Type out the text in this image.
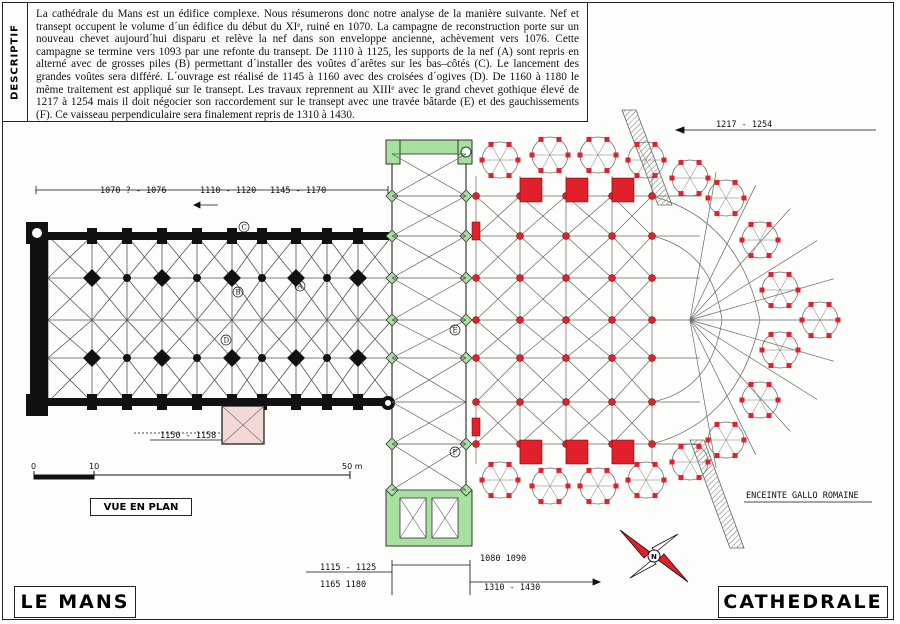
DESCRIPTIF
La cathédrale du Mans est un édifice complexe. Nous résumerons donc notre analyse de la manière suivante. Nef et transept occupent le volume d´un édifice du début du XIᵉ, ruiné en 1070. La campagne de reconstruction porte sur un nouveau chevet aujourd´hui disparu et relève la nef dans son enveloppe ancienne, achèvement vers 1076. Cette campagne se termine vers 1093 par une refonte du transept. De 1110 à 1125, les supports de la nef (A) sont repris en alterné avec de grosses piles (B) permettant d´installer des voûtes d´arêtes sur les bas–côtés (C). Le lancement des grandes voûtes sera différé. L´ouvrage est réalisé de 1145 à 1160 avec des croisées d´ogives (D). De 1160 à 1180 le même traitement est appliqué sur le transept. Les travaux reprennent au XIIIᵉ avec le grand chevet gothique élevé de 1217 à 1254 mais il doit négocier son raccordement sur le transept avec une travée bâtarde (E) et des gauchissements (F). Ce vaisseau perpendiculaire sera finalement repris de 1310 à 1430.
1070 ? - 1076	1110 - 1120 1145 - 1170
1217 - 1254
1150 - 1158
1115 - 1125
1165 1180
1080 1090
1310 - 1430
ENCEINTE GALLO ROMAINE
A
B
C
D
E
F
0	10	50 m
N
VUE EN PLAN
LE MANS	CATHEDRALE
